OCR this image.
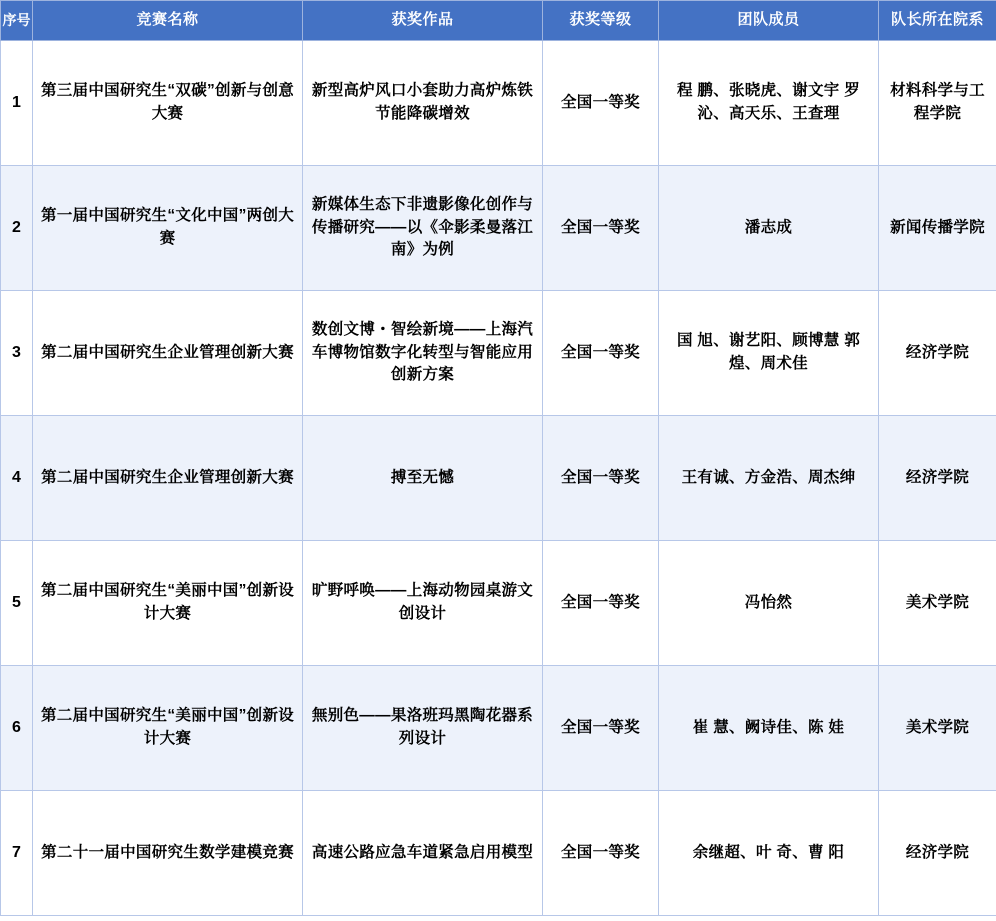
序号	竞赛名称	获奖作品	获奖等级	团队成员	队长所在院系
1	第三届中国研究生“双碳”创新与创意大赛	新型高炉风口小套助力高炉炼铁节能降碳增效	全国一等奖	程 鹏、张晓虎、谢文宇 罗 沁、高天乐、王查理	材料科学与工程学院
2	第一届中国研究生“文化中国”两创大赛	新媒体生态下非遗影像化创作与传播研究——以《伞影柔曼落江南》为例	全国一等奖	潘志成	新闻传播学院
3	第二届中国研究生企业管理创新大赛	数创文博・智绘新境——上海汽车博物馆数字化转型与智能应用创新方案	全国一等奖	国 旭、谢艺阳、顾博慧 郭 煌、周术佳	经济学院
4	第二届中国研究生企业管理创新大赛	搏至无憾	全国一等奖	王有诚、方金浩、周杰绅	经济学院
5	第二届中国研究生“美丽中国”创新设计大赛	旷野呼唤——上海动物园桌游文创设计	全国一等奖	冯怡然	美术学院
6	第二届中国研究生“美丽中国”创新设计大赛	無别色——果洛班玛黑陶花器系列设计	全国一等奖	崔 慧、阙诗佳、陈 娃	美术学院
7	第二十一届中国研究生数学建模竞赛	高速公路应急车道紧急启用模型	全国一等奖	余继超、叶 奇、曹 阳	经济学院
